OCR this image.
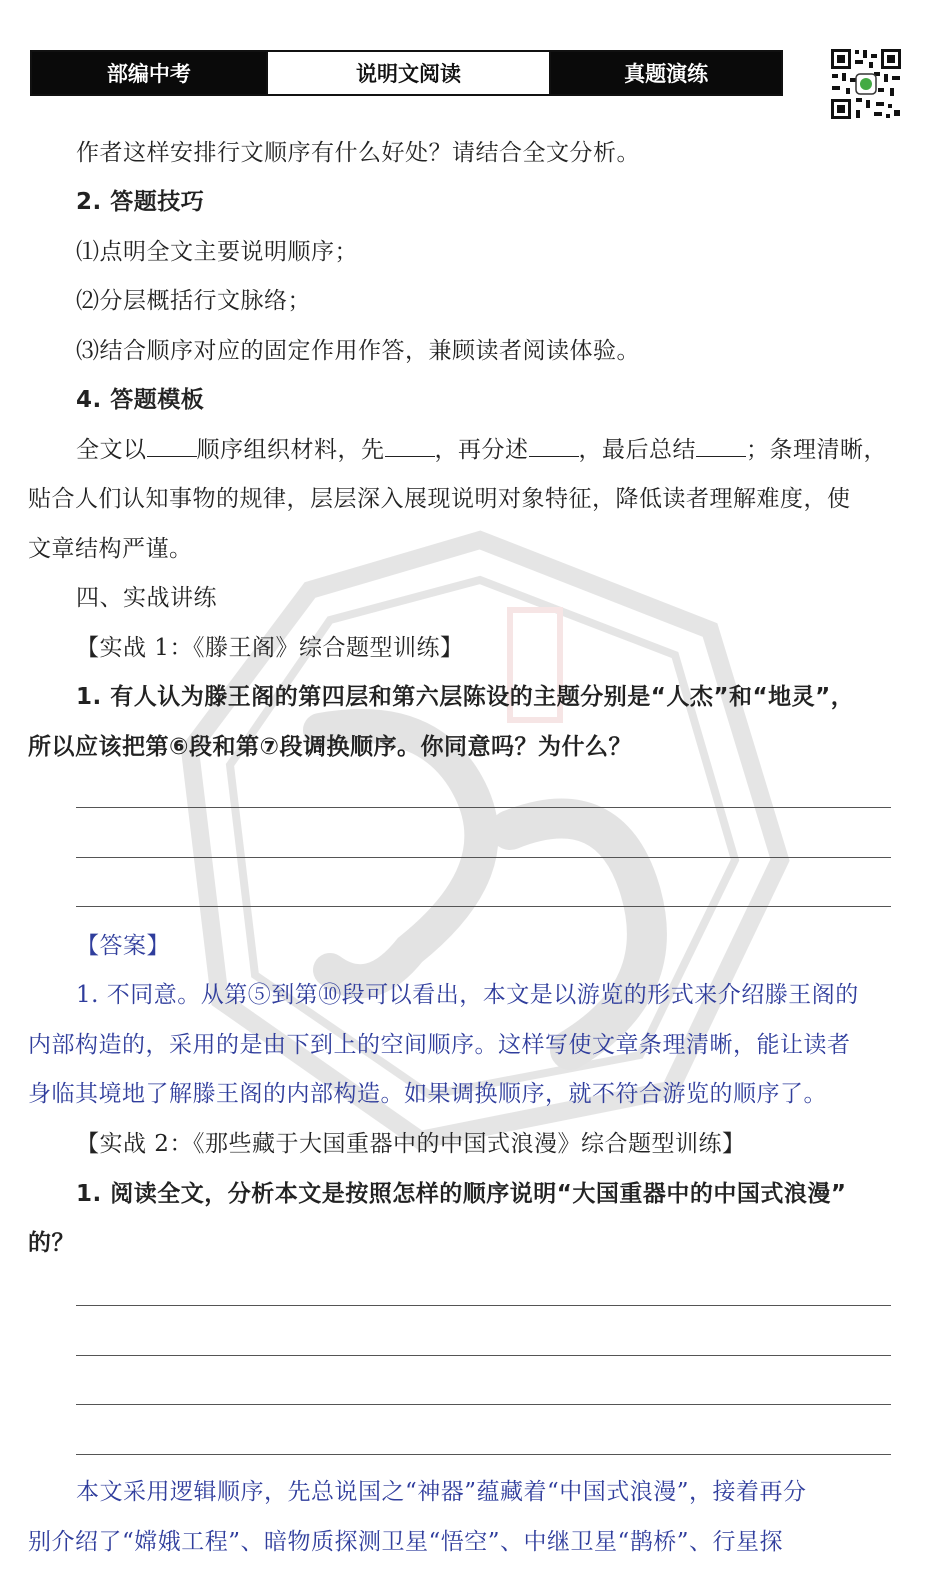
部编中考	说明文阅读	真题演练
作者这样安排行文顺序有什么好处？请结合全文分析。
2. 答题技巧
⑴点明全文主要说明顺序；
⑵分层概括行文脉络；
⑶结合顺序对应的固定作用作答，兼顾读者阅读体验。
4. 答题模板
全文以 顺序组织材料，先 ，再分述 ，最后总结 ；条理清晰，
贴合人们认知事物的规律，层层深入展现说明对象特征，降低读者理解难度，使
文章结构严谨。
四、实战讲练
【实战 1：《滕王阁》综合题型训练】
1. 有人认为滕王阁的第四层和第六层陈设的主题分别是“人杰”和“地灵”，
所以应该把第⑥段和第⑦段调换顺序。你同意吗？为什么？
【答案】
1. 不同意。从第⑤到第⑩段可以看出，本文是以游览的形式来介绍滕王阁的
内部构造的，采用的是由下到上的空间顺序。这样写使文章条理清晰，能让读者
身临其境地了解滕王阁的内部构造。如果调换顺序，就不符合游览的顺序了。
【实战 2：《那些藏于大国重器中的中国式浪漫》综合题型训练】
1. 阅读全文，分析本文是按照怎样的顺序说明“大国重器中的中国式浪漫”
的？
本文采用逻辑顺序，先总说国之“神器”蕴藏着“中国式浪漫”，接着再分
别介绍了“嫦娥工程”、暗物质探测卫星“悟空”、中继卫星“鹊桥”、行星探
